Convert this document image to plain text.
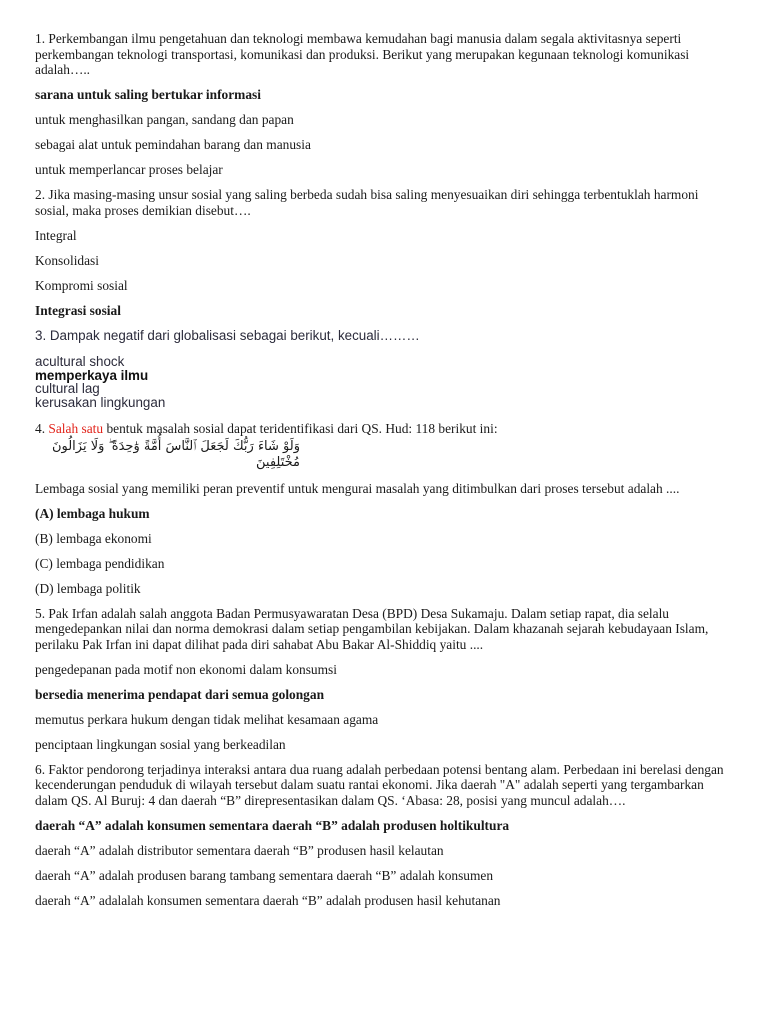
1. Perkembangan ilmu pengetahuan dan teknologi membawa kemudahan bagi manusia dalam segala aktivitasnya seperti perkembangan teknologi transportasi, komunikasi dan produksi. Berikut yang merupakan kegunaan teknologi komunikasi adalah…..
sarana untuk saling bertukar informasi
untuk menghasilkan pangan, sandang dan papan
sebagai alat untuk pemindahan barang dan manusia
untuk memperlancar proses belajar
2. Jika masing-masing unsur sosial yang saling berbeda sudah bisa saling menyesuaikan diri sehingga terbentuklah harmoni sosial, maka proses demikian disebut….
Integral
Konsolidasi
Kompromi sosial
Integrasi sosial
3. Dampak negatif dari globalisasi sebagai berikut, kecuali………
acultural shock
memperkaya ilmu
cultural lag
kerusakan lingkungan
4. Salah satu bentuk masalah sosial dapat teridentifikasi dari QS. Hud: 118 berikut ini:
وَلَوْ شَاءَ رَبُّكَ لَجَعَلَ ٱلنَّاسَ أُمَّةً وَٰحِدَةً ۖ وَلَا يَزَالُونَ مُخْتَلِفِينَ
Lembaga sosial yang memiliki peran preventif untuk mengurai masalah yang ditimbulkan dari proses tersebut adalah ....
(A) lembaga hukum
(B) lembaga ekonomi
(C) lembaga pendidikan
(D) lembaga politik
5. Pak Irfan adalah salah anggota Badan Permusyawaratan Desa (BPD) Desa Sukamaju. Dalam setiap rapat, dia selalu mengedepankan nilai dan norma demokrasi dalam setiap pengambilan kebijakan. Dalam khazanah sejarah kebudayaan Islam, perilaku Pak Irfan ini dapat dilihat pada diri sahabat Abu Bakar Al-Shiddiq yaitu ....
pengedepanan pada motif non ekonomi dalam konsumsi
bersedia menerima pendapat dari semua golongan
memutus perkara hukum dengan tidak melihat kesamaan agama
penciptaan lingkungan sosial yang berkeadilan
6. Faktor pendorong terjadinya interaksi antara dua ruang adalah perbedaan potensi bentang alam. Perbedaan ini berelasi dengan kecenderungan penduduk di wilayah tersebut dalam suatu rantai ekonomi. Jika daerah "A" adalah seperti yang tergambarkan dalam QS. Al Buruj: 4 dan daerah “B” direpresentasikan dalam QS. ‘Abasa: 28, posisi yang muncul adalah….
daerah “A” adalah konsumen sementara daerah “B” adalah produsen holtikultura
daerah “A” adalah distributor sementara daerah “B” produsen hasil kelautan
daerah “A” adalah produsen barang tambang sementara daerah “B” adalah konsumen
daerah “A” adalalah konsumen sementara daerah “B” adalah produsen hasil kehutanan
